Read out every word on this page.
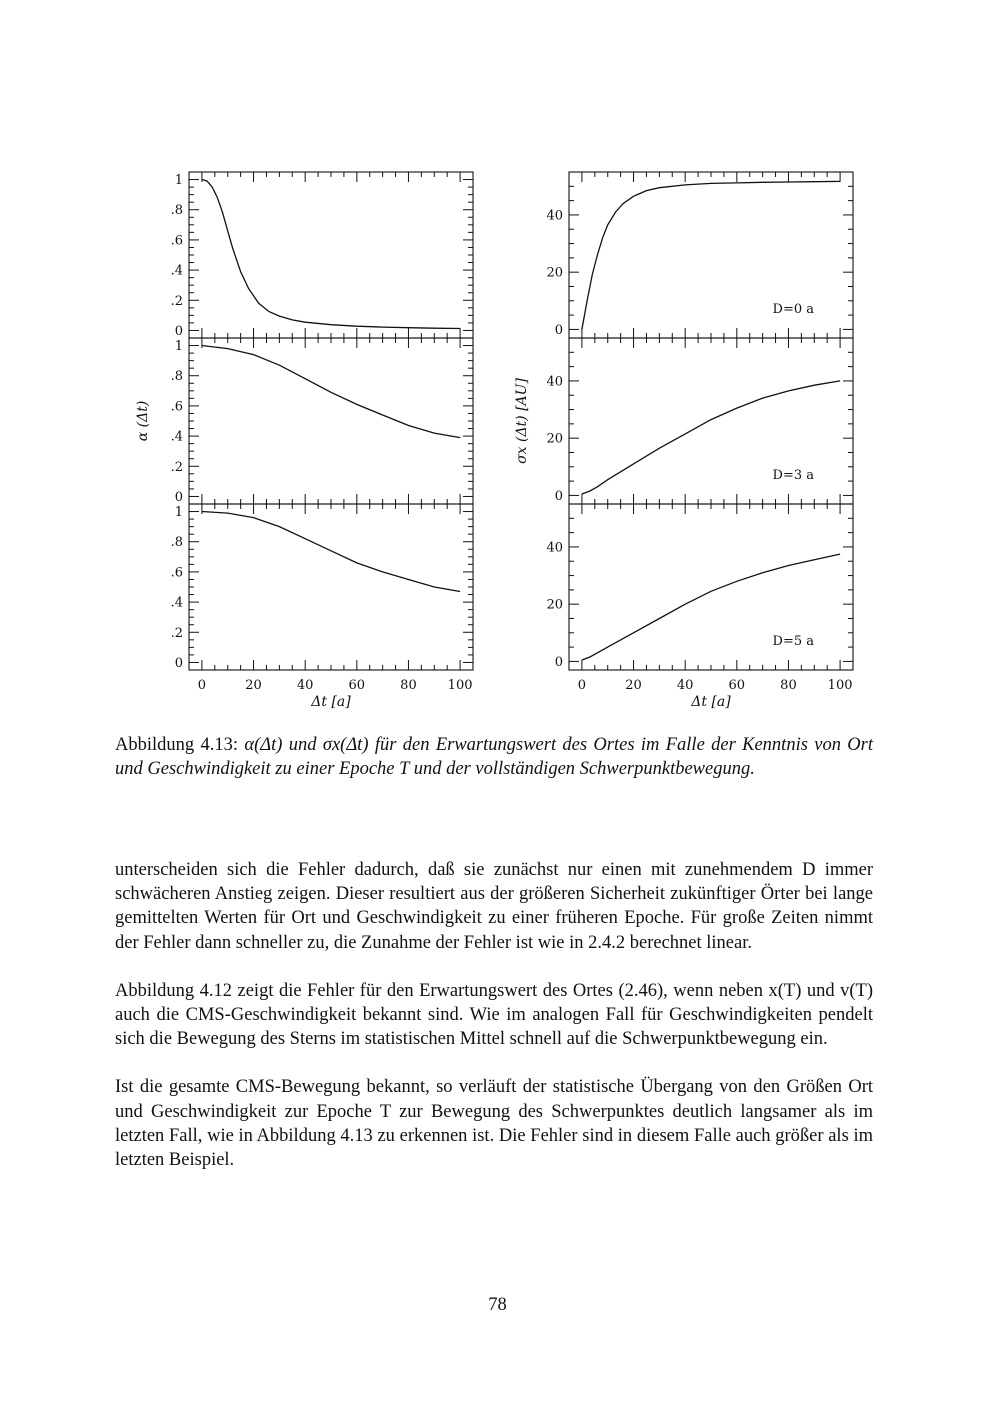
1
.8
.6
.4
.2
0
1
.8
.6
.4
.2
0
1
.8
.6
.4
.2
0
0	20	40	60	80 100
40
20
0
D=0 a
40
20
0
D=3 a
40
20
0
D=5 a
0	20	40	60	80 100
Δt [a]	Δt [a]
α (Δt)	σx (Δt) [AU]
Abbildung 4.13: α(Δt) und σx(Δt) für den Erwartungswert des Ortes im Falle der Kenntnis von Ort und Geschwindigkeit zu einer Epoche T und der vollständigen Schwerpunktbewegung.

unterscheiden sich die Fehler dadurch, daß sie zunächst nur einen mit zunehmendem D immer schwächeren Anstieg zeigen. Dieser resultiert aus der größeren Sicherheit zukünftiger Örter bei lange gemittelten Werten für Ort und Geschwindigkeit zu einer früheren Epoche. Für große Zeiten nimmt der Fehler dann schneller zu, die Zunahme der Fehler ist wie in 2.4.2 berechnet linear.

Abbildung 4.12 zeigt die Fehler für den Erwartungswert des Ortes (2.46), wenn neben x(T) und v(T) auch die CMS-Geschwindigkeit bekannt sind. Wie im analogen Fall für Geschwindigkeiten pendelt sich die Bewegung des Sterns im statistischen Mittel schnell auf die Schwerpunktbewegung ein.

Ist die gesamte CMS-Bewegung bekannt, so verläuft der statistische Übergang von den Größen Ort und Geschwindigkeit zur Epoche T zur Bewegung des Schwerpunktes deutlich langsamer als im letzten Fall, wie in Abbildung 4.13 zu erkennen ist. Die Fehler sind in diesem Falle auch größer als im letzten Beispiel.

78
